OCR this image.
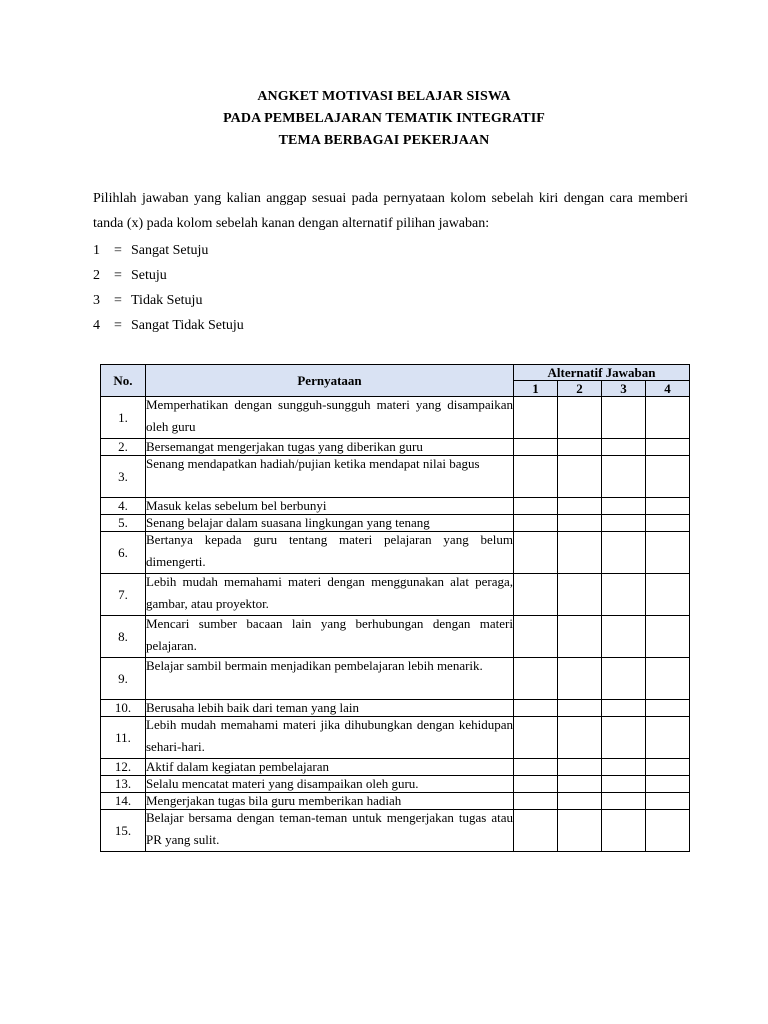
ANGKET MOTIVASI BELAJAR SISWA
PADA PEMBELAJARAN TEMATIK INTEGRATIF
TEMA BERBAGAI PEKERJAAN

Pilihlah jawaban yang kalian anggap sesuai pada pernyataan kolom sebelah kiri dengan cara memberi tanda (x) pada kolom sebelah kanan dengan alternatif pilihan jawaban:

1	= Sangat Setuju
2	= Setuju
3	= Tidak Setuju
4	= Sangat Tidak Setuju
No.	Pernyataan	Alternatif Jawaban			
		1	2	3	4
1.	Memperhatikan dengan sungguh-sungguh materi yang disampaikan oleh guru				

2.	Bersemangat mengerjakan tugas yang diberikan guru				

3.	Senang mendapatkan hadiah/pujian ketika mendapat nilai bagus				

4.	Masuk kelas sebelum bel berbunyi				

5.	Senang belajar dalam suasana lingkungan yang tenang				

6.	Bertanya kepada guru tentang materi pelajaran yang belum dimengerti.				

7.	Lebih mudah memahami materi dengan menggunakan alat peraga, gambar, atau proyektor.				

8.	Mencari sumber bacaan lain yang berhubungan dengan materi pelajaran.				

9.	Belajar sambil bermain menjadikan pembelajaran lebih menarik.				

10.	Berusaha lebih baik dari teman yang lain				

11.	Lebih mudah memahami materi jika dihubungkan dengan kehidupan sehari-hari.				

12.	Aktif dalam kegiatan pembelajaran				

13.	Selalu mencatat materi yang disampaikan oleh guru.				

14.	Mengerjakan tugas bila guru memberikan hadiah				

15.	Belajar bersama dengan teman-teman untuk mengerjakan tugas atau PR yang sulit.				
